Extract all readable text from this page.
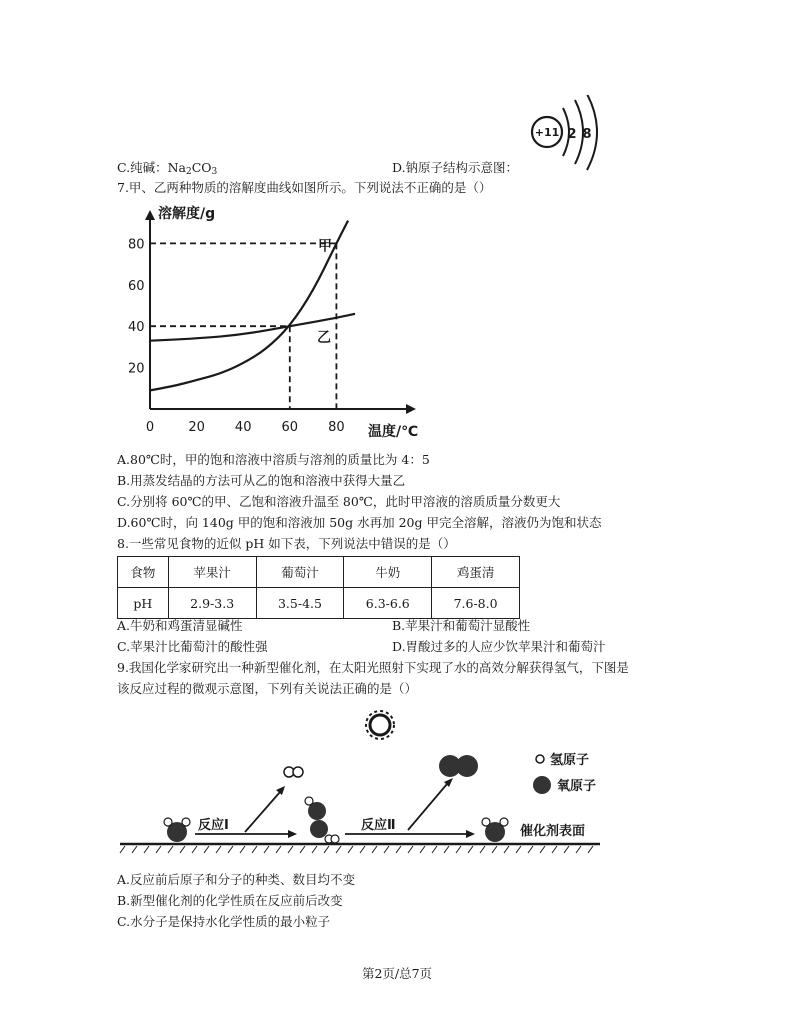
C.纯碱：$Na_2CO_3$	D.钠原子结构示意图：
+11 2 8
7.甲、乙两种物质的溶解度曲线如图所示。下列说法不正确的是（）
20
40
60
80
0	20 40 60 80
甲
乙
溶解度/g
温度/℃
A.80℃时，甲的饱和溶液中溶质与溶剂的质量比为 4：5
B.用蒸发结晶的方法可从乙的饱和溶液中获得大量乙
C.分别将 60℃的甲、乙饱和溶液升温至 80℃，此时甲溶液的溶质质量分数更大
D.60℃时，向 140g 甲的饱和溶液加 50g 水再加 20g 甲完全溶解，溶液仍为饱和状态
8.一些常见食物的近似 pH 如下表，下列说法中错误的是（）
食物	苹果汁	葡萄汁	牛奶	鸡蛋清
pH	2.9-3.3	3.5-4.5	6.3-6.6	7.6-8.0
A.牛奶和鸡蛋清显碱性	B.苹果汁和葡萄汁显酸性
C.苹果汁比葡萄汁的酸性强	D.胃酸过多的人应少饮苹果汁和葡萄汁
9.我国化学家研究出一种新型催化剂，在太阳光照射下实现了水的高效分解获得氢气，下图是
该反应过程的微观示意图，下列有关说法正确的是（）
反应Ⅰ	反应Ⅱ	催化剂表面
氢原子
氧原子
A.反应前后原子和分子的种类、数目均不变
B.新型催化剂的化学性质在反应前后改变
C.水分子是保持水化学性质的最小粒子
第2页/总7页
